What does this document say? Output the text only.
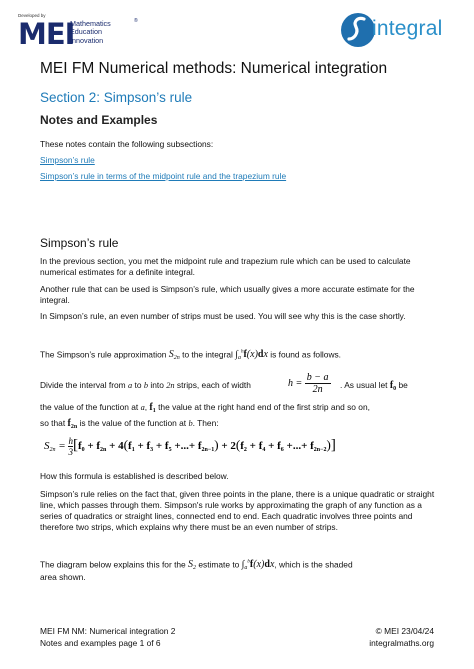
Developed by
MEI
Mathematics
Education
Innovation
®	integral
MEI FM Numerical methods: Numerical integration
Section 2: Simpson’s rule
Notes and Examples
These notes contain the following subsections:
Simpson’s rule
Simpson’s rule in terms of the midpoint rule and the trapezium rule
Simpson’s rule
In the previous section, you met the midpoint rule and trapezium rule which can be used to calculate numerical estimates for a definite integral.
Another rule that can be used is Simpson’s rule, which usually gives a more accurate estimate for the integral.
In Simpson’s rule, an even number of strips must be used. You will see why this is the case shortly.
The Simpson’s rule approximation $S_{2n}$ to the integral $\int_a^bf(x)dx$ is found as follows.
Divide the interval from a to b into 2n strips, each of width	$h = \frac{b - a}{2n}$ . As usual let $f_0$ be
the value of the function at a, $f_1$ the value at the right hand end of the first strip and so on,
so that $f_{2n}$ is the value of the function at b. Then:
$S2n = \frac{h}{3} [f0 + f2n + 4(f1 + f3 + f5$ +...+ f2n−1) + 2(f2 + f4 + f6 +...+ f2n−2)]
How this formula is established is described below.
Simpson’s rule relies on the fact that, given three points in the plane, there is a unique quadratic or straight line, which passes through them. Simpson's rule works by approximating the graph of any function as a series of quadratics or straight lines, connected end to end. Each quadratic involves three points and therefore two strips, which explains why there must be an even number of strips.
The diagram below explains this for the $S_2$ estimate to $\int_a^bf(x)dx$, which is the shaded
area shown.
MEI FM NM: Numerical integration 2
Notes and examples page 1 of 6
© MEI 23/04/24
integralmaths.org
